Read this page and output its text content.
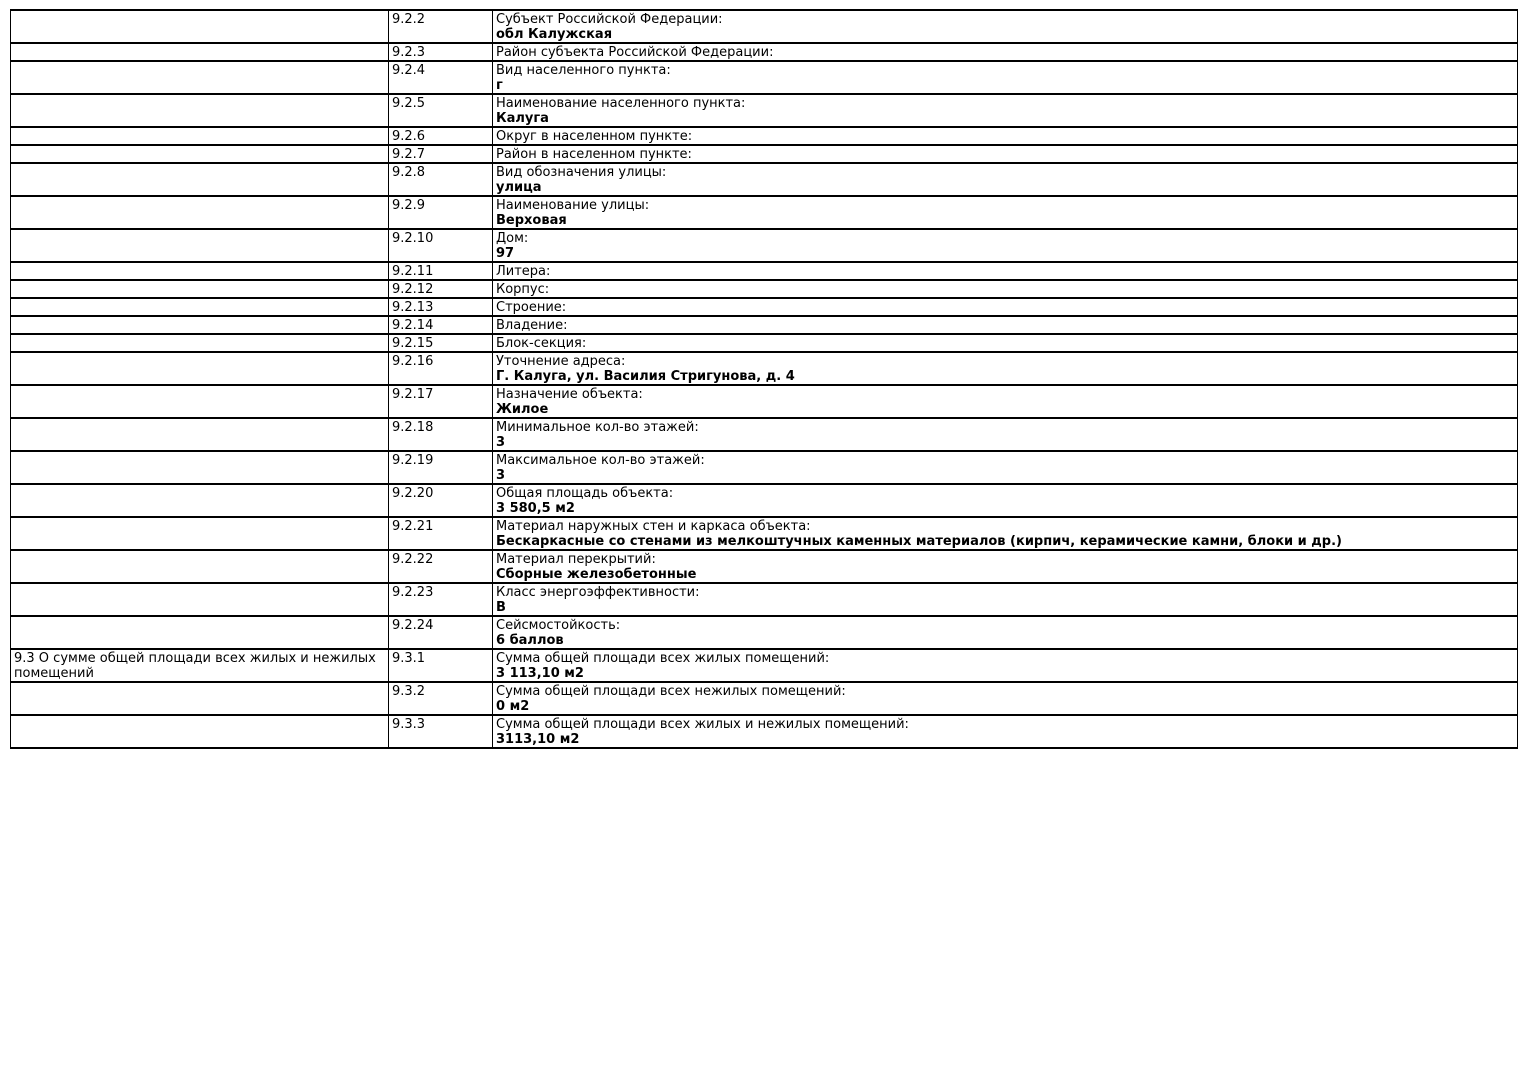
	9.2.2	Субъект Российской Федерации:
обл Калужская

	9.2.3	Район субъекта Российской Федерации:

	9.2.4	Вид населенного пункта:
г

	9.2.5	Наименование населенного пункта:
Калуга

	9.2.6	Округ в населенном пункте:

	9.2.7	Район в населенном пункте:

	9.2.8	Вид обозначения улицы:
улица

	9.2.9	Наименование улицы:
Верховая

	9.2.10	Дом:
97

	9.2.11	Литера:

	9.2.12	Корпус:

	9.2.13	Строение:

	9.2.14	Владение:

	9.2.15	Блок-секция:

	9.2.16	Уточнение адреса:
Г. Калуга, ул. Василия Стригунова, д. 4

	9.2.17	Назначение объекта:
Жилое

	9.2.18	Минимальное кол-во этажей:
3

	9.2.19	Максимальное кол-во этажей:
3

	9.2.20	Общая площадь объекта:
3 580,5 м2

	9.2.21	Материал наружных стен и каркаса объекта:
Бескаркасные со стенами из мелкоштучных каменных материалов (кирпич, керамические камни, блоки и др.)

	9.2.22	Материал перекрытий:
Сборные железобетонные

	9.2.23	Класс энергоэффективности:
В

	9.2.24	Сейсмостойкость:
6 баллов

9.3 О сумме общей площади всех жилых и нежилых помещений	9.3.1	Сумма общей площади всех жилых помещений:
3 113,10 м2

	9.3.2	Сумма общей площади всех нежилых помещений:
0 м2

	9.3.3	Сумма общей площади всех жилых и нежилых помещений:
3113,10 м2
